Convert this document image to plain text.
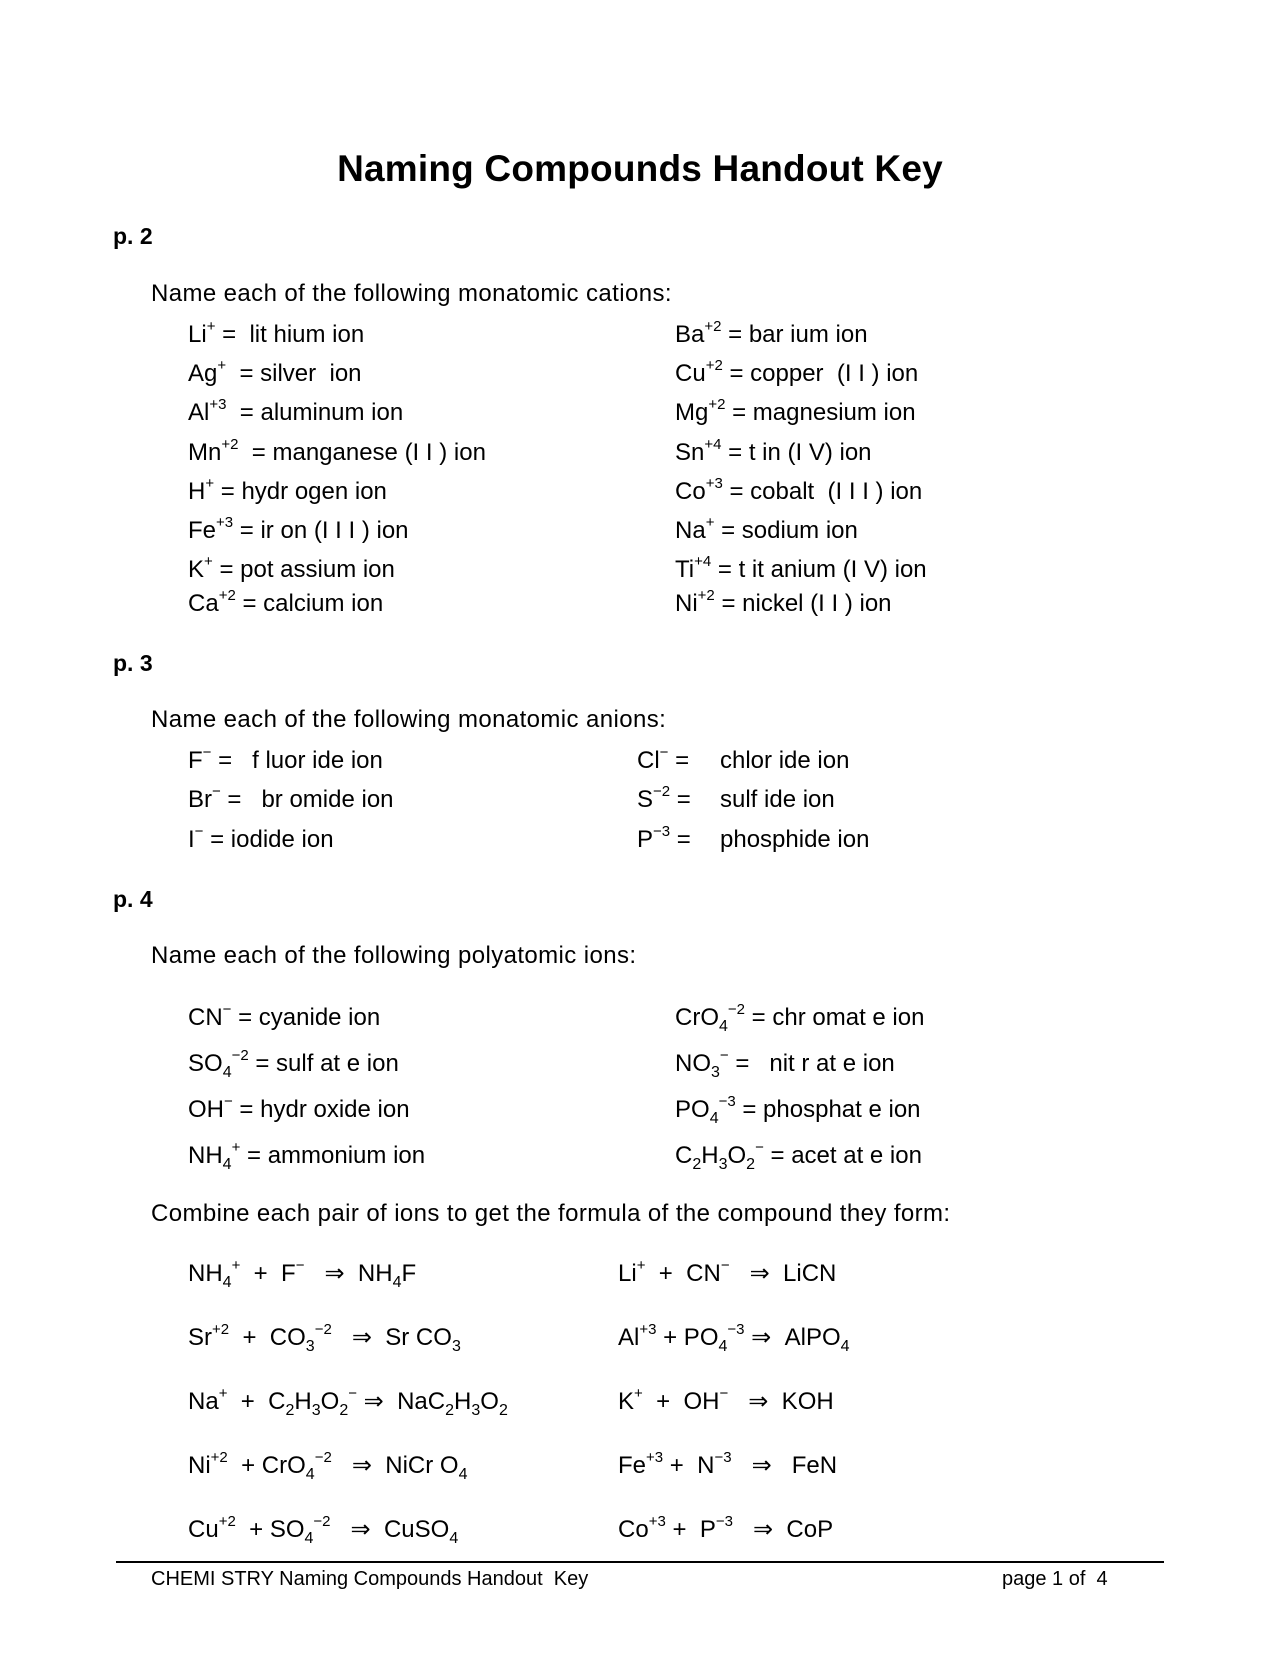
Naming Compounds Handout Key
p. 2
Name each of the following monatomic cations:
Li+ =  lit hium ion
Ag+  = silver  ion
$Al^{+3}$  = aluminum ion
$Mn^{+2}$  = manganese (I I ) ion
H+ = hydr ogen ion
$Fe^{+3}$ = ir on (I I I ) ion
K+ = pot assium ion
$Ca^{+2}$ = calcium ion
$Ba^{+2}$ = bar ium ion
$Cu^{+2}$ = copper  (I I ) ion
$Mg^{+2}$ = magnesium ion
$Sn^{+4} = t$ in (I V) ion
$Co^{+3}$ = cobalt  (I I I ) ion
Na+ = sodium ion
$Ti^{+4} = t$ it anium (I V) ion
$Ni^{+2}$ = nickel (I I ) ion
p. 3
Name each of the following monatomic anions:
F− =   f luor ide ion
Br− =   br omide ion
I− = iodide ion
Cl− =
$S^{-2}$ =
$P^{-3}$ =
chlor ide ion
sulf ide ion
phosphide ion
p. 4
Name each of the following polyatomic ions:
CN− = cyanide ion
$SO_4^{-2}$ = sulf at e ion
OH− = hydr oxide ion
$NH_4^+$ = ammonium ion
CrO$_4^{-2}$ = chr omat e ion
$NO_3^-$ =   nit r at e ion
$PO_4^{-3}$ = phosphat e ion
$C_2H_3O_2^-$ = acet at e ion
Combine each pair of ions to get the formula of the compound they form:
$NH_4^+ + F^-$   ⇒  $NH_4F$
$Sr^{+2} + CO_3^{-2}$   ⇒  Sr $CO_3$
$Na^+ + C_2H_3O_2^-$ ⇒  $NaC_2H_3O_2$
$Ni^{+2} + CrO_4^{-2}$   ⇒  NiCr $O_4$
$Cu^{+2} + SO_4^{-2}$   ⇒  CuSO$_4$
Li+  +  CN−   ⇒  LiCN
$Al^{+3} + PO_4^{-3}$ ⇒  AlPO$_4$
K+  +  OH−   ⇒  KOH
$Fe^{+3} + N^{-3}$   ⇒   FeN
$Co^{+3} + P^{-3}$   ⇒  CoP
CHEMI STRY Naming Compounds Handout  Key	page 1 of  4
